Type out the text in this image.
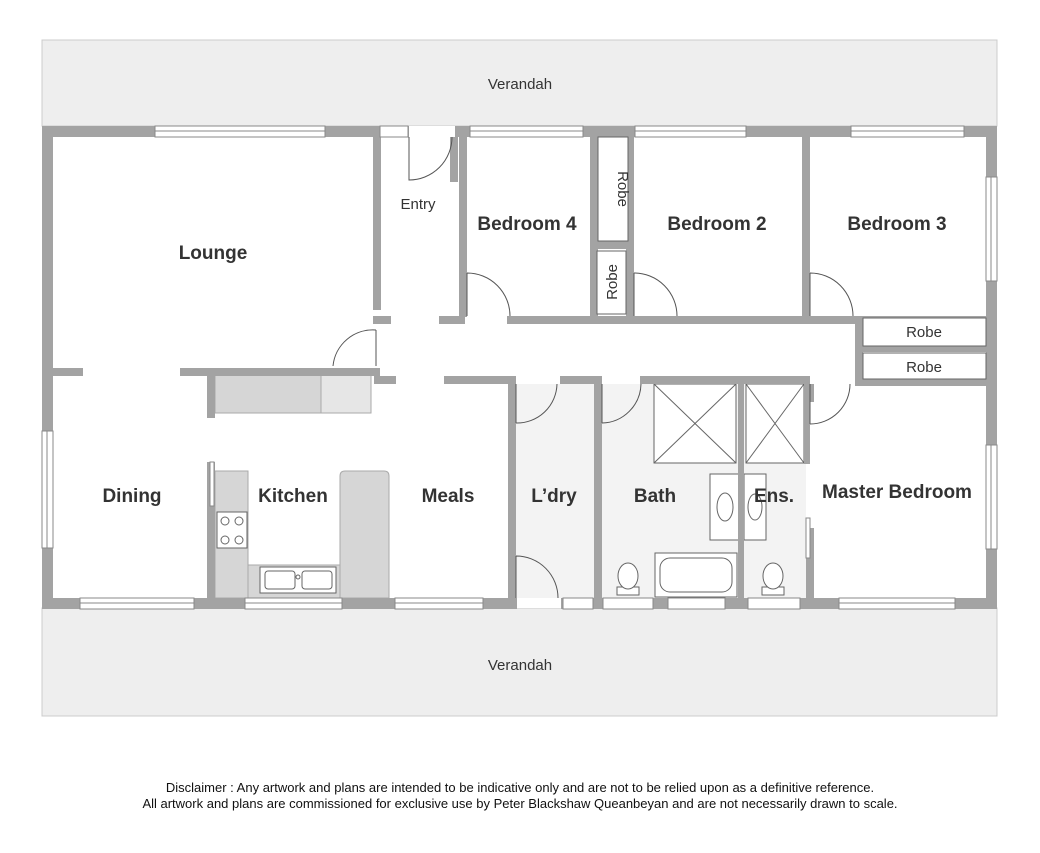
Verandah
Verandah
Lounge
Entry
Bedroom 4	Bedroom 2	Bedroom 3
Robe
Robe
Robe
Robe
Dining	Kitchen	Meals	L’dry	Bath	Ens. Master Bedroom
Disclaimer : Any artwork and plans are intended to be indicative only and are not to be relied upon as a definitive reference.
All artwork and plans are commissioned for exclusive use by Peter Blackshaw Queanbeyan and are not necessarily drawn to scale.
